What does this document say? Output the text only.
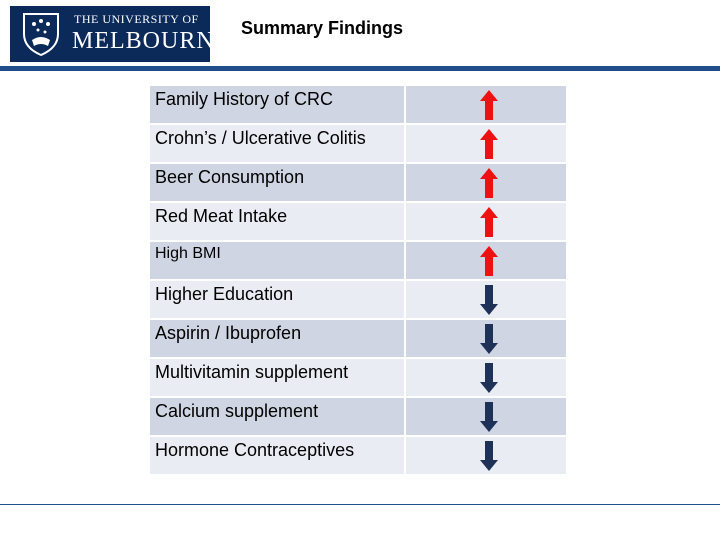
THE UNIVERSITY OF
MELBOURNE Summary Findings
Family History of CRC

Crohn’s / Ulcerative Colitis

Beer Consumption

Red Meat Intake

High BMI

Higher Education

Aspirin / Ibuprofen

Multivitamin supplement

Calcium supplement

Hormone Contraceptives
